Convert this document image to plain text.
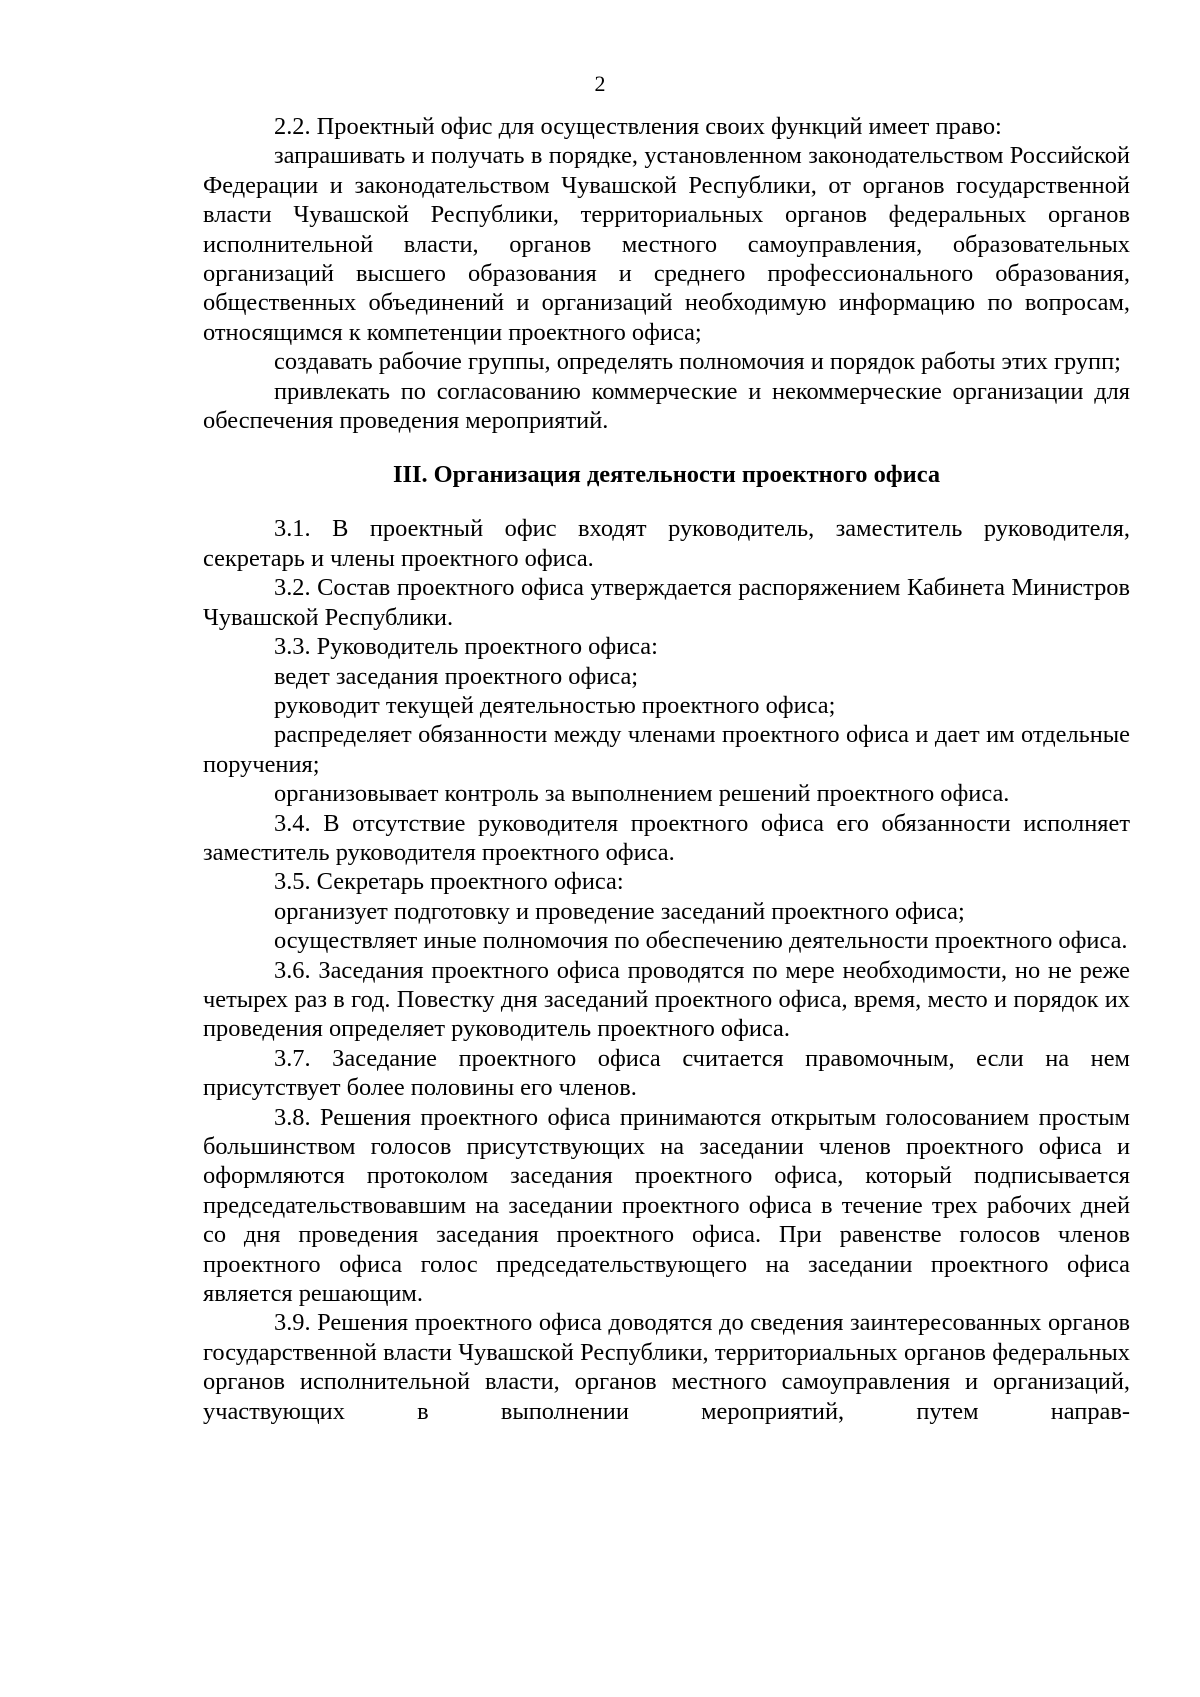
2

2.2. Проектный офис для осуществления своих функций имеет право:

запрашивать и получать в порядке, установленном законодательством Российской Федерации и законодательством Чувашской Республики, от органов государственной власти Чувашской Республики, территориальных органов федеральных органов исполнительной власти, органов местного самоуправления, образовательных организаций высшего образования и среднего профессионального образования, общественных объединений и организаций необходимую информацию по вопросам, относящимся к компетенции проектного офиса;

создавать рабочие группы, определять полномочия и порядок работы этих групп;

привлекать по согласованию коммерческие и некоммерческие организации для обеспечения проведения мероприятий.

III. Организация деятельности проектного офиса

3.1. В проектный офис входят руководитель, заместитель руководителя, секретарь и члены проектного офиса.

3.2. Состав проектного офиса утверждается распоряжением Кабинета Министров Чувашской Республики.

3.3. Руководитель проектного офиса:

ведет заседания проектного офиса;

руководит текущей деятельностью проектного офиса;

распределяет обязанности между членами проектного офиса и дает им отдельные поручения;

организовывает контроль за выполнением решений проектного офиса.

3.4. В отсутствие руководителя проектного офиса его обязанности исполняет заместитель руководителя проектного офиса.

3.5. Секретарь проектного офиса:

организует подготовку и проведение заседаний проектного офиса;

осуществляет иные полномочия по обеспечению деятельности проектного офиса.

3.6. Заседания проектного офиса проводятся по мере необходимости, но не реже четырех раз в год. Повестку дня заседаний проектного офиса, время, место и порядок их проведения определяет руководитель проектного офиса.

3.7. Заседание проектного офиса считается правомочным, если на нем присутствует более половины его членов.

3.8. Решения проектного офиса принимаются открытым голосованием простым большинством голосов присутствующих на заседании членов проектного офиса и оформляются протоколом заседания проектного офиса, который подписывается председательствовавшим на заседании проектного офиса в течение трех рабочих дней со дня проведения заседания проектного офиса. При равенстве голосов членов проектного офиса голос председательствующего на заседании проектного офиса является решающим.

3.9. Решения проектного офиса доводятся до сведения заинтересованных органов государственной власти Чувашской Республики, территориальных органов федеральных органов исполнительной власти, органов местного самоуправления и организаций, участвующих в выполнении мероприятий, путем направ-
